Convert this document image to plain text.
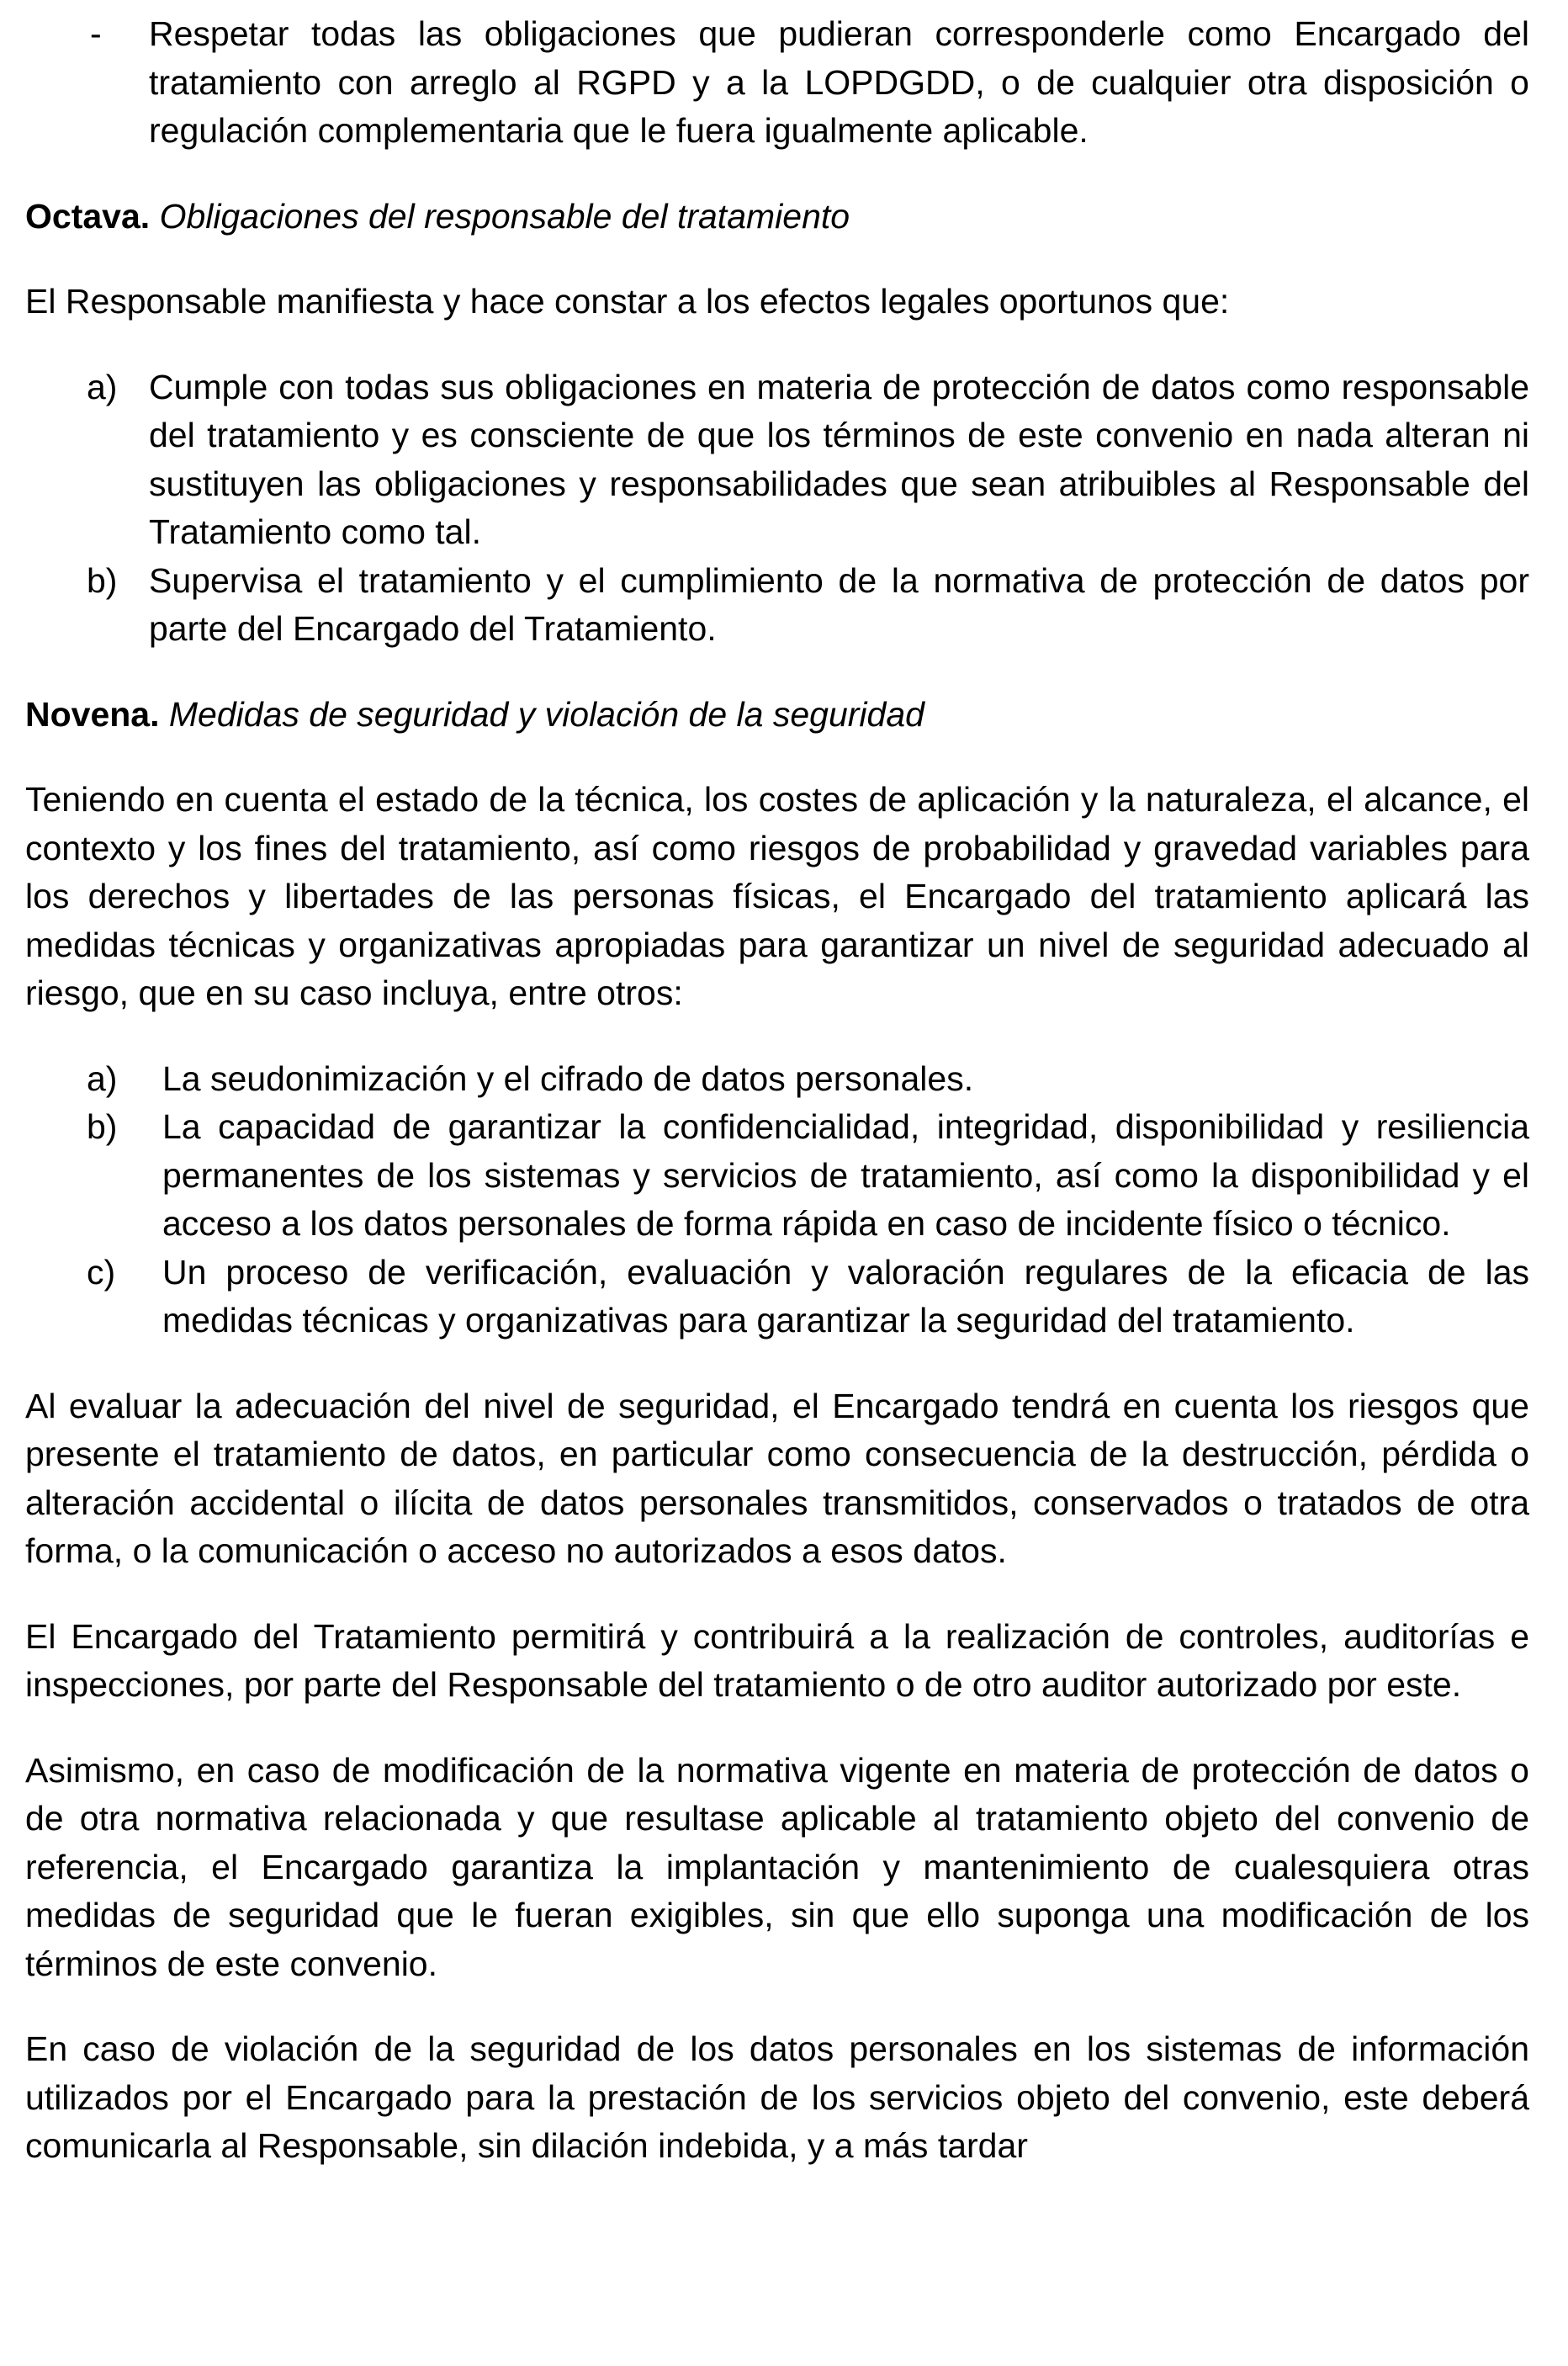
- Respetar todas las obligaciones que pudieran corresponderle como Encargado del tratamiento con arreglo al RGPD y a la LOPDGDD, o de cualquier otra disposición o regulación complementaria que le fuera igualmente aplicable.

Octava. Obligaciones del responsable del tratamiento

El Responsable manifiesta y hace constar a los efectos legales oportunos que:

a) Cumple con todas sus obligaciones en materia de protección de datos como responsable del tratamiento y es consciente de que los términos de este convenio en nada alteran ni sustituyen las obligaciones y responsabilidades que sean atribuibles al Responsable del Tratamiento como tal.
b) Supervisa el tratamiento y el cumplimiento de la normativa de protección de datos por parte del Encargado del Tratamiento.

Novena. Medidas de seguridad y violación de la seguridad

Teniendo en cuenta el estado de la técnica, los costes de aplicación y la naturaleza, el alcance, el contexto y los fines del tratamiento, así como riesgos de probabilidad y gravedad variables para los derechos y libertades de las personas físicas, el Encargado del tratamiento aplicará las medidas técnicas y organizativas apropiadas para garantizar un nivel de seguridad adecuado al riesgo, que en su caso incluya, entre otros:

a) La seudonimización y el cifrado de datos personales.
b) La capacidad de garantizar la confidencialidad, integridad, disponibilidad y resiliencia permanentes de los sistemas y servicios de tratamiento, así como la disponibilidad y el acceso a los datos personales de forma rápida en caso de incidente físico o técnico.
c) Un proceso de verificación, evaluación y valoración regulares de la eficacia de las medidas técnicas y organizativas para garantizar la seguridad del tratamiento.

Al evaluar la adecuación del nivel de seguridad, el Encargado tendrá en cuenta los riesgos que presente el tratamiento de datos, en particular como consecuencia de la destrucción, pérdida o alteración accidental o ilícita de datos personales transmitidos, conservados o tratados de otra forma, o la comunicación o acceso no autorizados a esos datos.

El Encargado del Tratamiento permitirá y contribuirá a la realización de controles, auditorías e inspecciones, por parte del Responsable del tratamiento o de otro auditor autorizado por este.

Asimismo, en caso de modificación de la normativa vigente en materia de protección de datos o de otra normativa relacionada y que resultase aplicable al tratamiento objeto del convenio de referencia, el Encargado garantiza la implantación y mantenimiento de cualesquiera otras medidas de seguridad que le fueran exigibles, sin que ello suponga una modificación de los términos de este convenio.

En caso de violación de la seguridad de los datos personales en los sistemas de información utilizados por el Encargado para la prestación de los servicios objeto del convenio, este deberá comunicarla al Responsable, sin dilación indebida, y a más tardar
